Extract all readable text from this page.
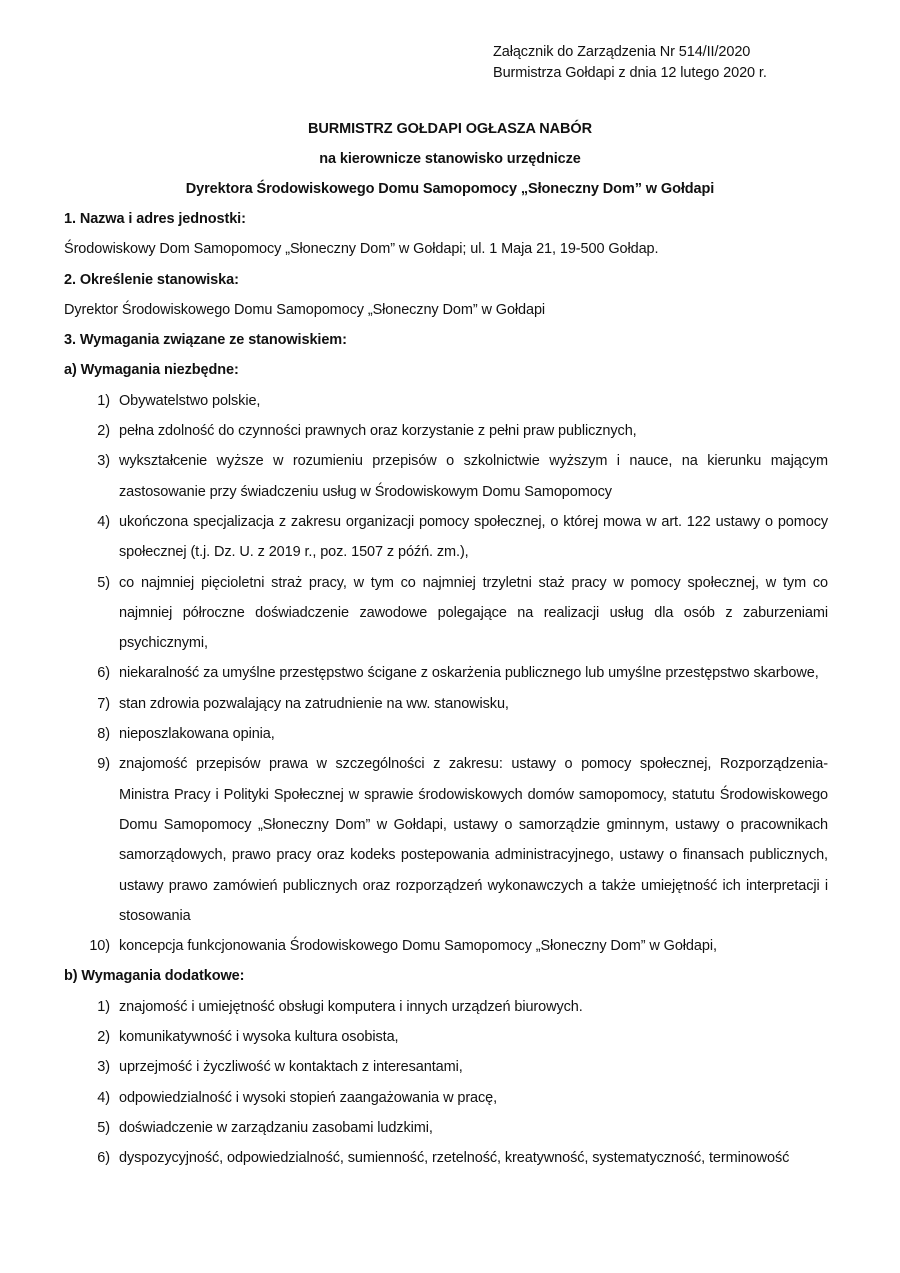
Załącznik do Zarządzenia Nr 514/II/2020
Burmistrza Gołdapi z dnia 12 lutego 2020 r.
BURMISTRZ GOŁDAPI OGŁASZA NABÓR
na kierownicze stanowisko urzędnicze
Dyrektora Środowiskowego Domu Samopomocy „Słoneczny Dom” w Gołdapi

1. Nazwa i adres jednostki:

Środowiskowy Dom Samopomocy „Słoneczny Dom” w Gołdapi; ul. 1 Maja 21, 19-500 Gołdap.

2. Określenie stanowiska:

Dyrektor Środowiskowego Domu Samopomocy „Słoneczny Dom” w Gołdapi

3. Wymagania związane ze stanowiskiem:

a) Wymagania niezbędne:

1) Obywatelstwo polskie,
2) pełna zdolność do czynności prawnych oraz korzystanie z pełni praw publicznych,
3) wykształcenie wyższe w rozumieniu przepisów o szkolnictwie wyższym i nauce, na kierunku mającym zastosowanie przy świadczeniu usług w Środowiskowym Domu Samopomocy
4) ukończona specjalizacja z zakresu organizacji pomocy społecznej, o której mowa w art. 122 ustawy o pomocy społecznej (t.j. Dz. U. z 2019 r., poz. 1507 z późń. zm.),
5) co najmniej pięcioletni straż pracy, w tym co najmniej trzyletni staż pracy w pomocy społecznej, w tym co najmniej półroczne doświadczenie zawodowe polegające na realizacji usług dla osób z zaburzeniami psychicznymi,
6) niekaralność za umyślne przestępstwo ścigane z oskarżenia publicznego lub umyślne przestępstwo skarbowe,
7) stan zdrowia pozwalający na zatrudnienie na ww. stanowisku,
8) nieposzlakowana opinia,
9) znajomość przepisów prawa w szczególności z zakresu: ustawy o pomocy społecznej, Rozporządzenia- Ministra Pracy i Polityki Społecznej w sprawie środowiskowych domów samopomocy, statutu Środowiskowego Domu Samopomocy „Słoneczny Dom” w Gołdapi, ustawy o samorządzie gminnym, ustawy o pracownikach samorządowych, prawo pracy oraz kodeks postepowania administracyjnego, ustawy o finansach publicznych, ustawy prawo zamówień publicznych oraz rozporządzeń wykonawczych a także umiejętność ich interpretacji i stosowania
10) koncepcja funkcjonowania Środowiskowego Domu Samopomocy „Słoneczny Dom” w Gołdapi,

b) Wymagania dodatkowe:

1) znajomość i umiejętność obsługi komputera i innych urządzeń biurowych.
2) komunikatywność i wysoka kultura osobista,
3) uprzejmość i życzliwość w kontaktach z interesantami,
4) odpowiedzialność i wysoki stopień zaangażowania w pracę,
5) doświadczenie w zarządzaniu zasobami ludzkimi,
6) dyspozycyjność, odpowiedzialność, sumienność, rzetelność, kreatywność, systematyczność, terminowość
